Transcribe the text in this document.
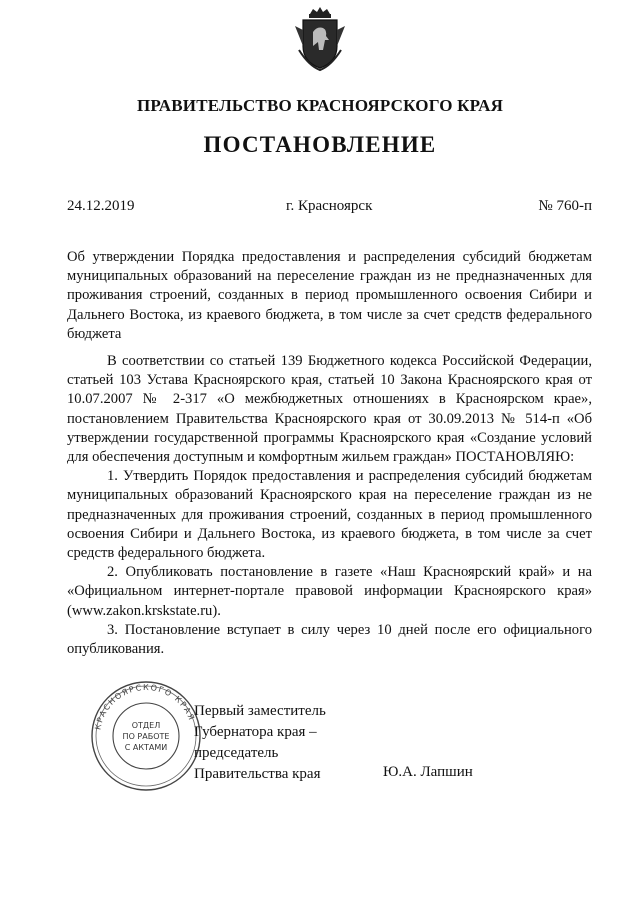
ПРАВИТЕЛЬСТВО КРАСНОЯРСКОГО КРАЯ
ПОСТАНОВЛЕНИЕ
24.12.2019	г. Красноярск	№ 760-п
Об утверждении Порядка предоставления и распределения субсидий бюджетам муниципальных образований на переселение граждан из не предназначенных для проживания строений, созданных в период промышленного освоения Сибири и Дальнего Востока, из краевого бюджета, в том числе за счет средств федерального бюджета

В соответствии со статьей 139 Бюджетного кодекса Российской Федерации, статьей 103 Устава Красноярского края, статьей 10 Закона Красноярского края от 10.07.2007 № 2-317 «О межбюджетных отношениях в Красноярском крае», постановлением Правительства Красноярского края от 30.09.2013 № 514-п «Об утверждении государственной программы Красноярского края «Создание условий для обеспечения доступным и комфортным жильем граждан» ПОСТАНОВЛЯЮ:

1. Утвердить Порядок предоставления и распределения субсидий бюджетам муниципальных образований Красноярского края на переселение граждан из не предназначенных для проживания строений, созданных в период промышленного освоения Сибири и Дальнего Востока, из краевого бюджета, в том числе за счет средств федерального бюджета.

2. Опубликовать постановление в газете «Наш Красноярский край» и на «Официальном интернет-портале правовой информации Красноярского края» (www.zakon.krskstate.ru).

3. Постановление вступает в силу через 10 дней после его официального опубликования.

КРАСНОЯРСКОГО КРАЯ
ОТДЕЛ
ПО РАБОТЕ
С АКТАМИ
Первый заместитель
Губернатора края –
председатель
Правительства края	Ю.А. Лапшин
